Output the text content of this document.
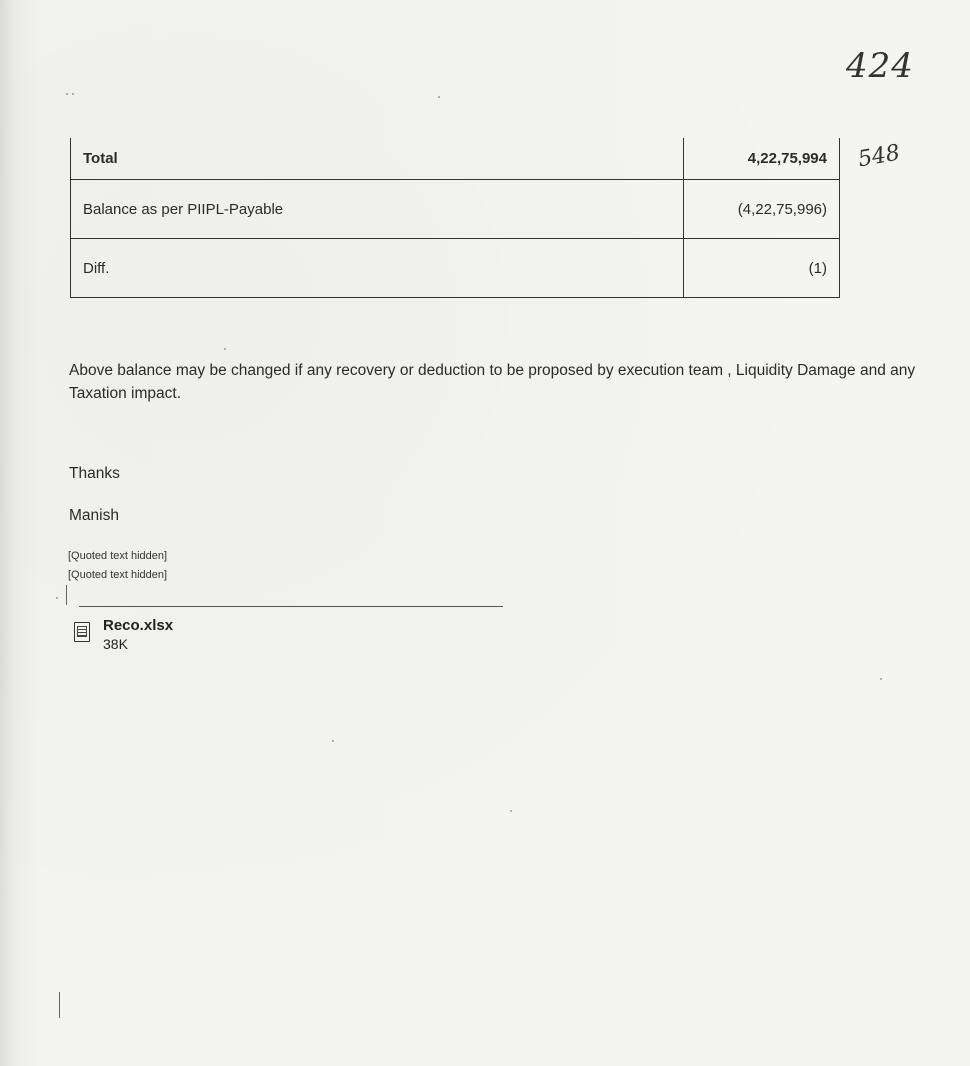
424
548
Total	4,22,75,994
Balance as per PIIPL-Payable	(4,22,75,996)
Diff.	(1)
Above balance may be changed if any recovery or deduction to be proposed by execution team , Liquidity Damage and any Taxation impact.
Thanks
Manish
[Quoted text hidden]
[Quoted text hidden]
Reco.xlsx
38K
